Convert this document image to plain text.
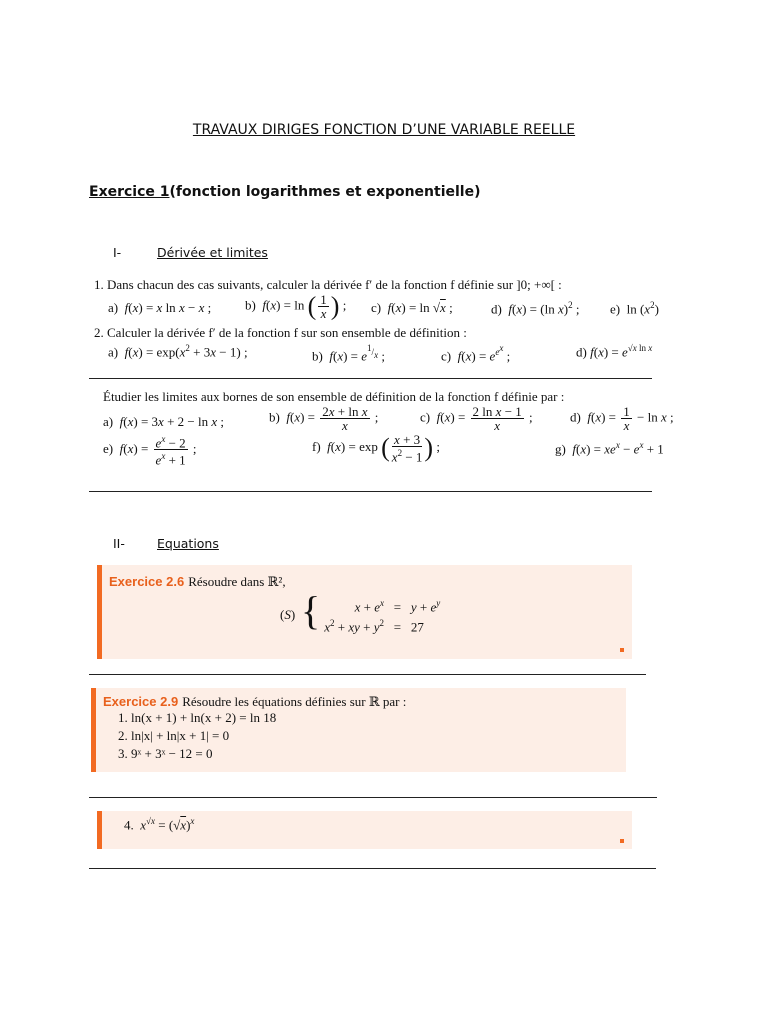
TRAVAUX DIRIGES FONCTION D’UNE VARIABLE REELLE
Exercice 1(fonction logarithmes et exponentielle)
I-	Dérivée et limites
1. Dans chacun des cas suivants, calculer la dérivée f′ de la fonction f définie sur ]0; +∞[ :
a)  f(x) = x ln x − x ;	b)  f(x) = ln ( $\frac{1}{x}$ ) ; c)  f(x) = ln √x ;	d)  f(x) = (ln x)$^2$ ; e)  $\ln (x^2)$
2. Calculer la dérivée f′ de la fonction f sur son ensemble de définition :
a)  $f(x) = \exp(x^2 + 3x - 1)$ ;	b)  $f(x) = e^{^1/_x}$ ;	c)  $f(x) = e^{e^x}$ ;	d) $f(x) = e^{√x ln x}$
Étudier les limites aux bornes de son ensemble de définition de la fonction f définie par :
a)  f(x) = 3x + 2 − ln x ;	b)  $f(x) = \frac{\text{2x + ln x}}{x}$ ;	c)  $f(x) = \frac{\text{2 ln x − 1}}{x}$ ;	d)  $f(x) = \frac{1}{x} - \ln x$ ;
e)  $f(x) = \frac{e^x - 2}{e^x + 1}$ ;	f)  f(x) = exp ( $\frac{x + 3}{x^2 - 1}$ ) ;	g)  $f(x) = xe^x - e^x + 1$
II-	Equations
Exercice 2.6 Résoudre dans ℝ²,
(S) {	$x + e^x = y + e^y$
$x^2$ + xy + $y^2 = 27$
Exercice 2.9 Résoudre les équations définies sur ℝ par :
1. ln(x + 1) + ln(x + 2) = ln 18
2. ln|x| + ln|x + 1| = 0
3. 9ˣ + 3ˣ − 12 = 0
4. $x^{√x} = (√x)^x$
